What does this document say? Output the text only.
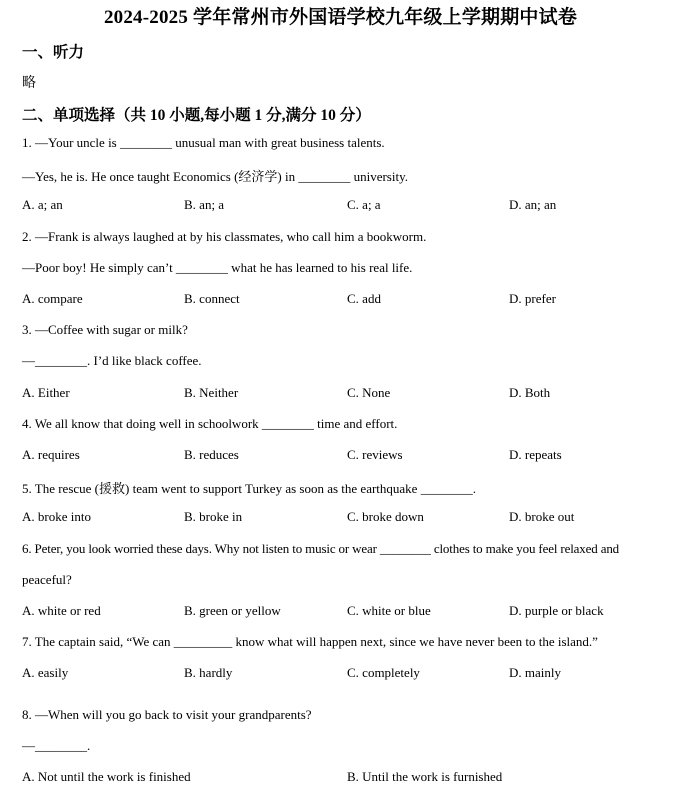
2024-2025 学年常州市外国语学校九年级上学期期中试卷
一、听力
略
二、单项选择（共 10 小题,每小题 1 分,满分 10 分）
1. —Your uncle is ________ unusual man with great business talents.
—Yes, he is. He once taught Economics (经济学) in ________ university.
A. a; an	B. an; a	C. a; a	D. an; an
2. —Frank is always laughed at by his classmates, who call him a bookworm.
—Poor boy! He simply can’t ________ what he has learned to his real life.
A. compare	B. connect	C. add	D. prefer
3. —Coffee with sugar or milk?
—________. I’d like black coffee.
A. Either	B. Neither	C. None	D. Both
4. We all know that doing well in schoolwork ________ time and effort.
A. requires	B. reduces	C. reviews	D. repeats
5. The rescue (援救) team went to support Turkey as soon as the earthquake ________.
A. broke into	B. broke in	C. broke down	D. broke out
6. Peter, you look worried these days. Why not listen to music or wear ________ clothes to make you feel relaxed and
peaceful?
A. white or red	B. green or yellow	C. white or blue	D. purple or black
7. The captain said, “We can _________ know what will happen next, since we have never been to the island.”
A. easily	B. hardly	C. completely	D. mainly
8. —When will you go back to visit your grandparents?
—________.
A. Not until the work is finished	B. Until the work is furnished
